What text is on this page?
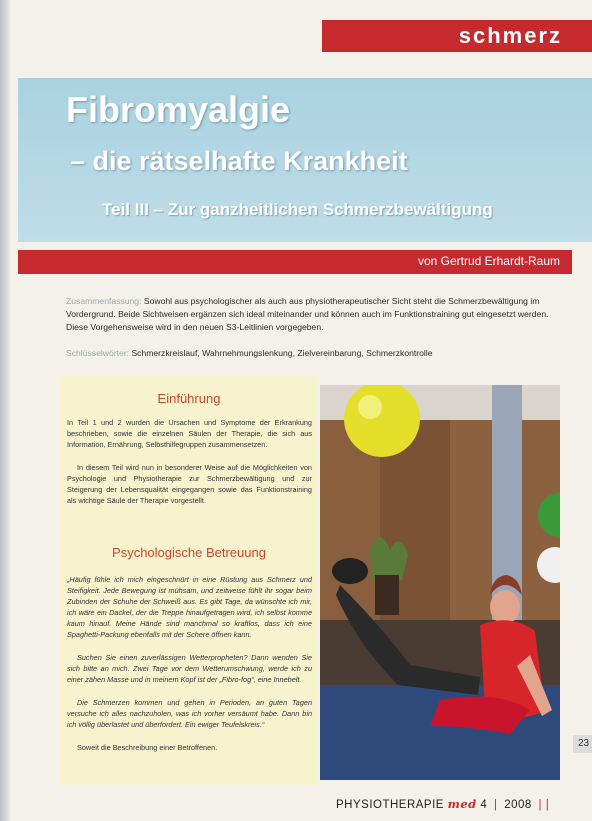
schmerz
Fibromyalgie
– die rätselhafte Krankheit
Teil III – Zur ganzheitlichen Schmerzbewältigung
von Gertrud Erhardt-Raum
Zusammenfassung: Sowohl aus psychologischer als auch aus physiotherapeutischer Sicht steht die Schmerzbewältigung im Vordergrund. Beide Sichtweisen ergänzen sich ideal miteinander und können auch im Funktionstraining gut eingesetzt werden. Diese Vorgehensweise wird in den neuen S3-Leitlinien vorgegeben.
Schlüsselwörter: Schmerzkreislauf, Wahrnehmungslenkung, Zielvereinbarung, Schmerzkontrolle
Einführung

In Teil 1 und 2 wurden die Ursachen und Symptome der Erkrankung beschrieben, sowie die einzelnen Säulen der Therapie, die sich aus Information, Ernährung, Selbsthilfegruppen zusammensetzen.

In diesem Teil wird nun in besonderer Weise auf die Möglichkeiten von Psychologie und Physiotherapie zur Schmerzbewältigung und zur Steigerung der Lebensqualität eingegangen sowie das Funktionstraining als wichtige Säule der Therapie vorgestellt.

Psychologische Betreuung

„Häufig fühle ich mich eingeschnürt in eine Rüstung aus Schmerz und Steifigkeit. Jede Bewegung ist mühsam, und zeitweise fühlt ihr sogar beim Zubinden der Schuhe der Schweiß aus. Es gibt Tage, da wünschte ich mir, ich wäre ein Dackel, der die Treppe hinaufgetragen wird, ich selbst komme kaum hinauf. Meine Hände sind manchmal so kraftlos, dass ich eine Spaghetti-Packung ebenfalls mit der Schere öffnen kann.

Suchen Sie einen zuverlässigen Wetterpropheten? Dann wenden Sie sich bitte an mich. Zwei Tage vor dem Wetterumschwung, werde ich zu einer zähen Masse und in meinem Kopf ist der „Fibro-fog“, eine Innebelt.

Die Schmerzen kommen und gehen in Perioden, an guten Tagen versuche ich alles nachzuholen, was ich vorher versäumt habe. Dann bin ich völlig überlastet und überfordert. Ein ewiger Teufelskreis.“

Soweit die Beschreibung einer Betroffenen.	23
PHYSIOTHERAPIE med 4 | 2008 | |
